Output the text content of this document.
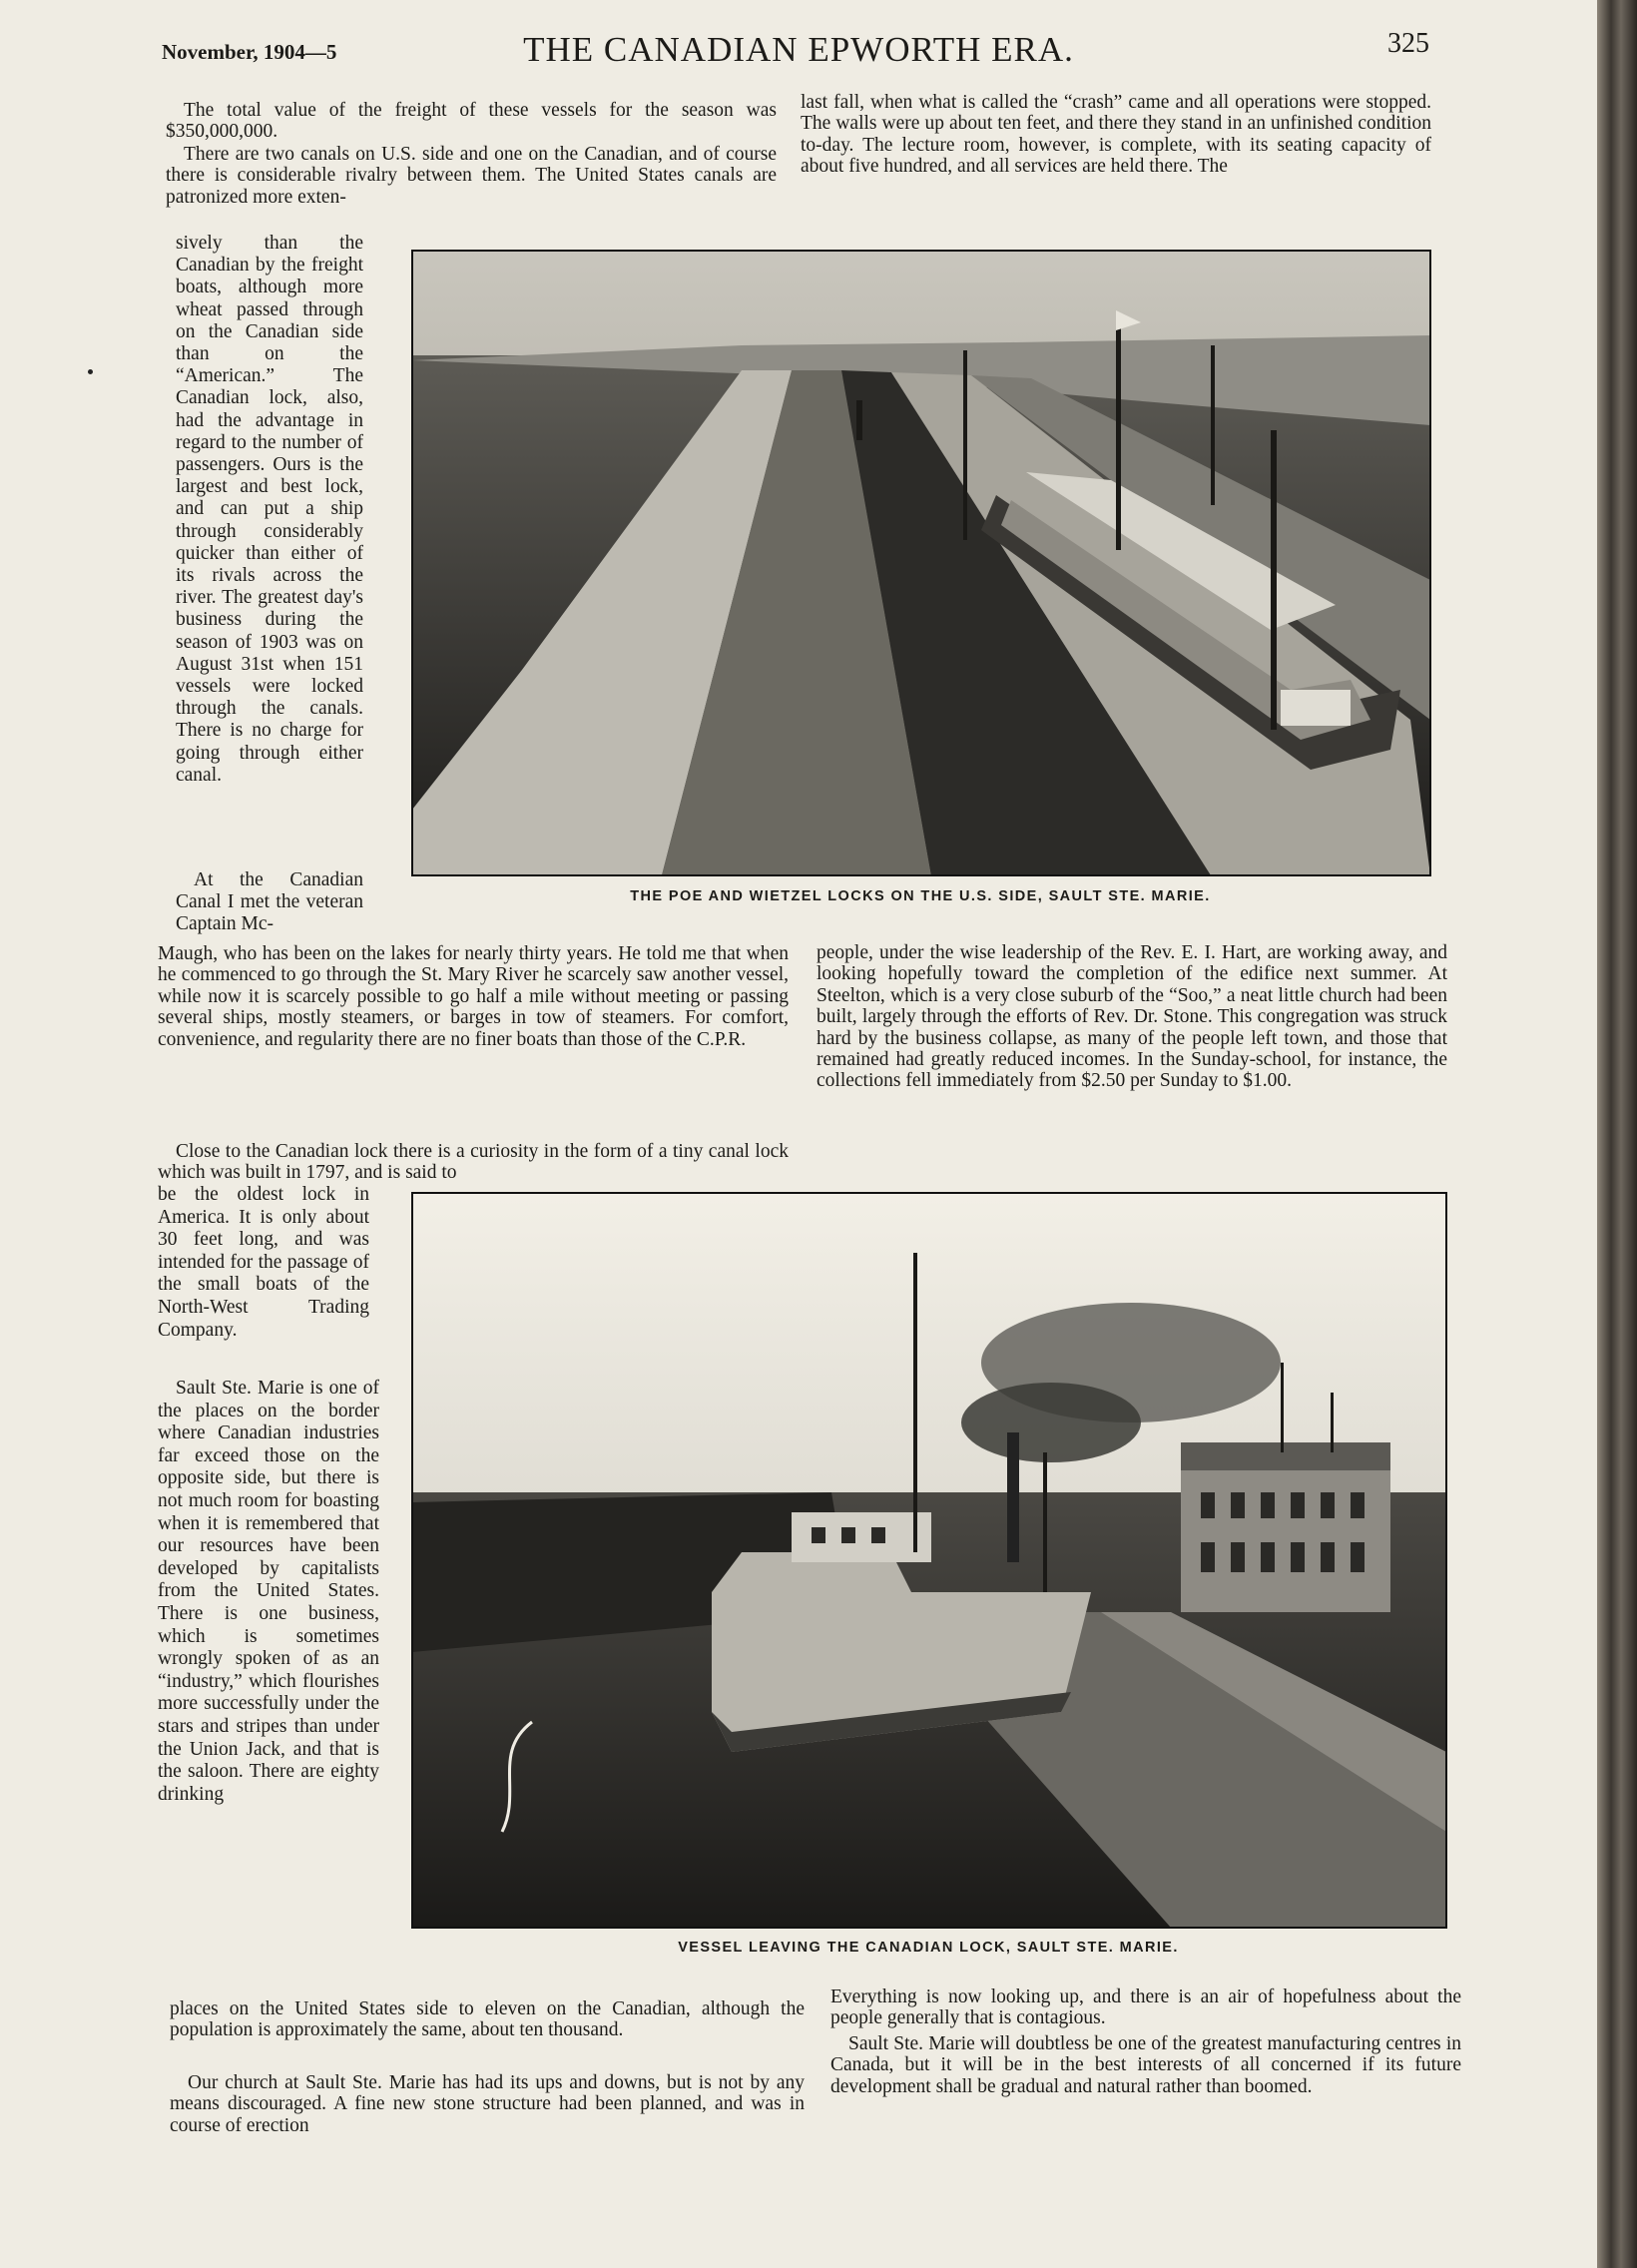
November, 1904—5	THE CANADIAN EPWORTH ERA.	325

The total value of the freight of these vessels for the season was $350,000,000.

There are two canals on U.S. side and one on the Canadian, and of course there is considerable rivalry between them. The United States canals are patronized more exten-

sively than the Canadian by the freight boats, although more wheat passed through on the Canadian side than on the “American.” The Canadian lock, also, had the advantage in regard to the number of passengers. Ours is the largest and best lock, and can put a ship through considerably quicker than either of its rivals across the river. The greatest day's business during the season of 1903 was on August 31st when 151 vessels were locked through the canals. There is no charge for going through either canal.

At the Canadian Canal I met the veteran Captain Mc-

Maugh, who has been on the lakes for nearly thirty years. He told me that when he commenced to go through the St. Mary River he scarcely saw another vessel, while now it is scarcely possible to go half a mile without meeting or passing several ships, mostly steamers, or barges in tow of steamers. For comfort, convenience, and regularity there are no finer boats than those of the C.P.R.

Close to the Canadian lock there is a curiosity in the form of a tiny canal lock which was built in 1797, and is said to

be the oldest lock in America. It is only about 30 feet long, and was intended for the passage of the small boats of the North-West Trading Company.

Sault Ste. Marie is one of the places on the border where Canadian industries far exceed those on the opposite side, but there is not much room for boasting when it is remembered that our resources have been developed by capitalists from the United States. There is one business, which is sometimes wrongly spoken of as an “industry,” which flourishes more successfully under the stars and stripes than under the Union Jack, and that is the saloon. There are eighty drinking

places on the United States side to eleven on the Canadian, although the population is approximately the same, about ten thousand.

Our church at Sault Ste. Marie has had its ups and downs, but is not by any means discouraged. A fine new stone structure had been planned, and was in course of erection

last fall, when what is called the “crash” came and all operations were stopped. The walls were up about ten feet, and there they stand in an unfinished condition to-day. The lecture room, however, is complete, with its seating capacity of about five hundred, and all services are held there. The

people, under the wise leadership of the Rev. E. I. Hart, are working away, and looking hopefully toward the completion of the edifice next summer. At Steelton, which is a very close suburb of the “Soo,” a neat little church had been built, largely through the efforts of Rev. Dr. Stone. This congregation was struck hard by the business collapse, as many of the people left town, and those that remained had greatly reduced incomes. In the Sunday-school, for instance, the collections fell immediately from $2.50 per Sunday to $1.00.

Everything is now looking up, and there is an air of hopefulness about the people generally that is contagious.

Sault Ste. Marie will doubtless be one of the greatest manufacturing centres in Canada, but it will be in the best interests of all concerned if its future development shall be gradual and natural rather than boomed.

THE POE AND WIETZEL LOCKS ON THE U.S. SIDE, SAULT STE. MARIE.
VESSEL LEAVING THE CANADIAN LOCK, SAULT STE. MARIE.
